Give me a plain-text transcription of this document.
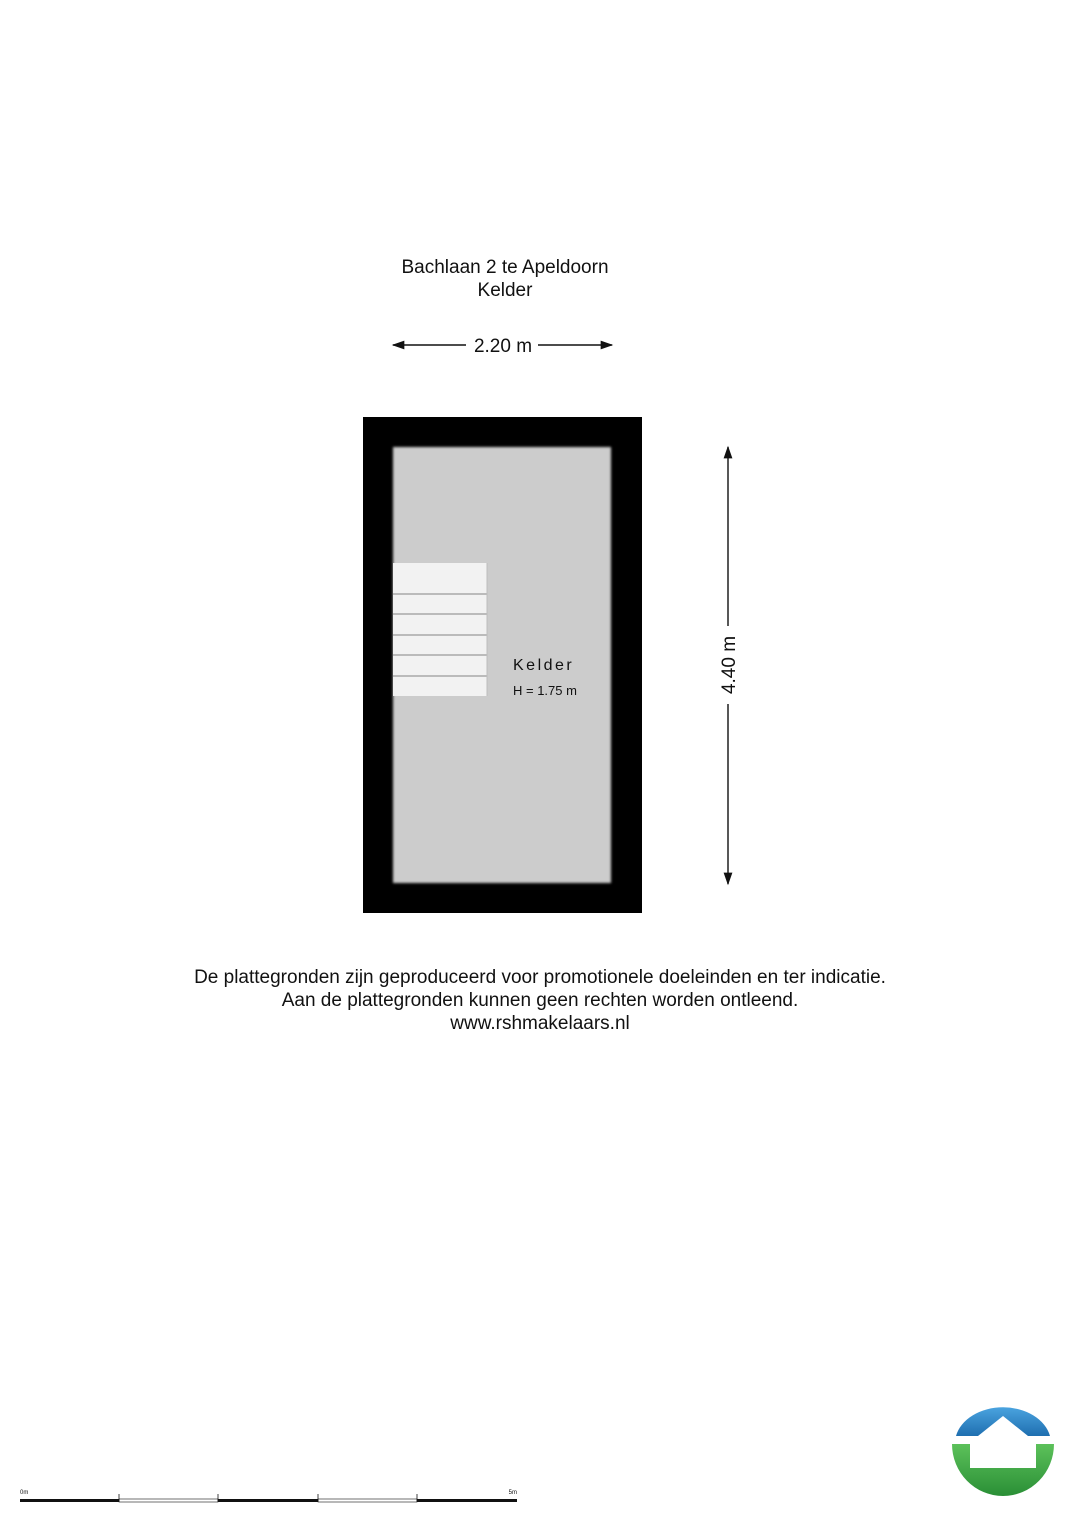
Bachlaan 2 te Apeldoorn
Kelder
2.20 m
Kelder
H = 1.75 m	4.40 m
0m	5m
De plattegronden zijn geproduceerd voor promotionele doeleinden en ter indicatie.
Aan de plattegronden kunnen geen rechten worden ontleend.
www.rshmakelaars.nl
